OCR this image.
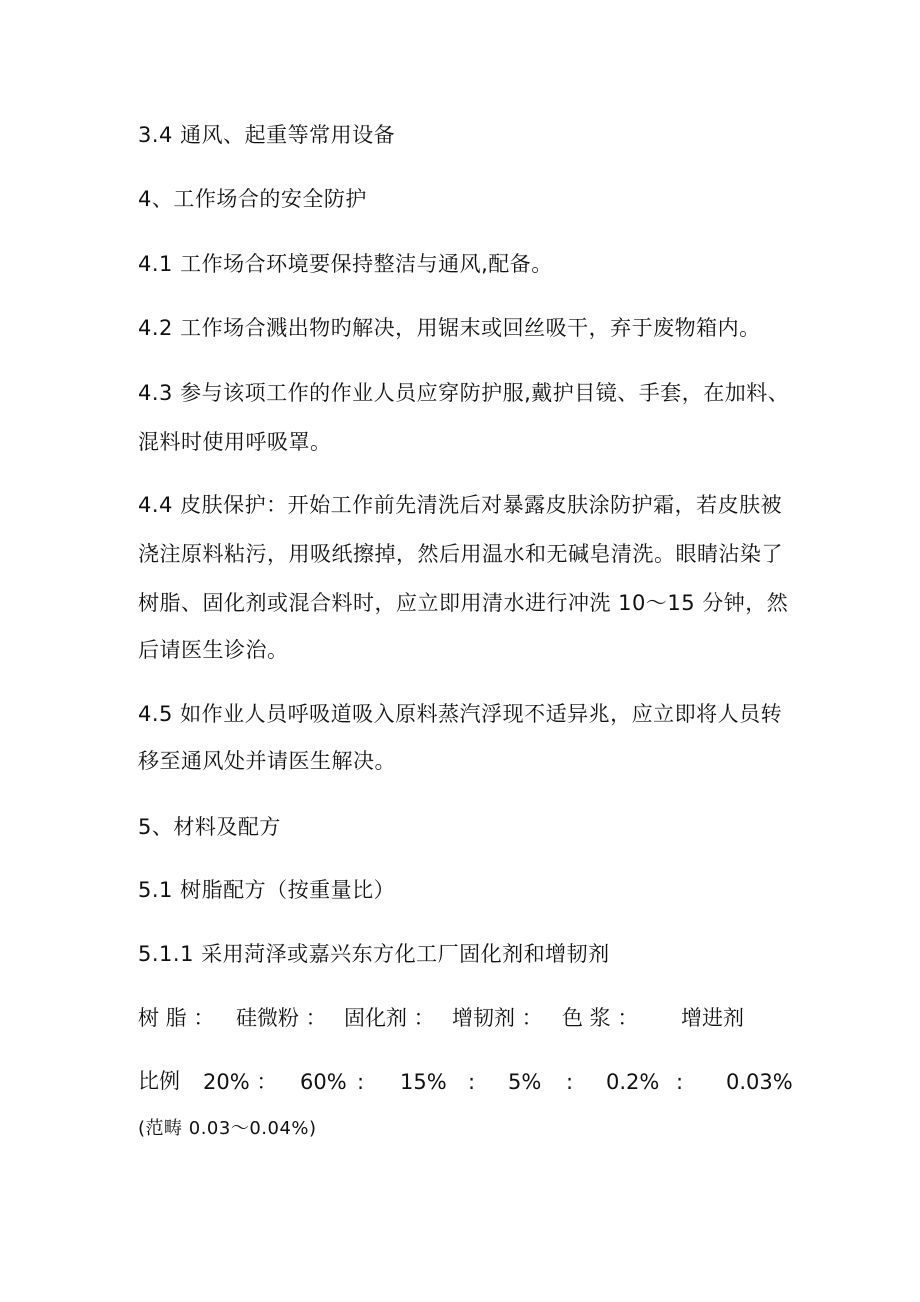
3.4 通风、起重等常用设备
4、工作场合的安全防护
4.1 工作场合环境要保持整洁与通风,配备。
4.2 工作场合溅出物旳解决，用锯末或回丝吸干，弃于废物箱内。
4.3 参与该项工作的作业人员应穿防护服,戴护目镜、手套，在加料、
混料时使用呼吸罩。
4.4 皮肤保护：开始工作前先清洗后对暴露皮肤涂防护霜，若皮肤被
浇注原料粘污，用吸纸擦掉，然后用温水和无碱皂清洗。眼睛沾染了
树脂、固化剂或混合料时，应立即用清水进行冲洗 10～15 分钟，然
后请医生诊治。
4.5 如作业人员呼吸道吸入原料蒸汽浮现不适异兆，应立即将人员转
移至通风处并请医生解决。
5、材料及配方
5.1 树脂配方（按重量比）
5.1.1 采用菏泽或嘉兴东方化工厂固化剂和增韧剂
树 脂 ： 硅微粉 ： 固化剂 ： 增韧剂 ： 色 浆 ： 增进剂
比例 20% ： 60% : 15% : 5% : 0.2% : 0.03%
(范畴 0.03～0.04%)
